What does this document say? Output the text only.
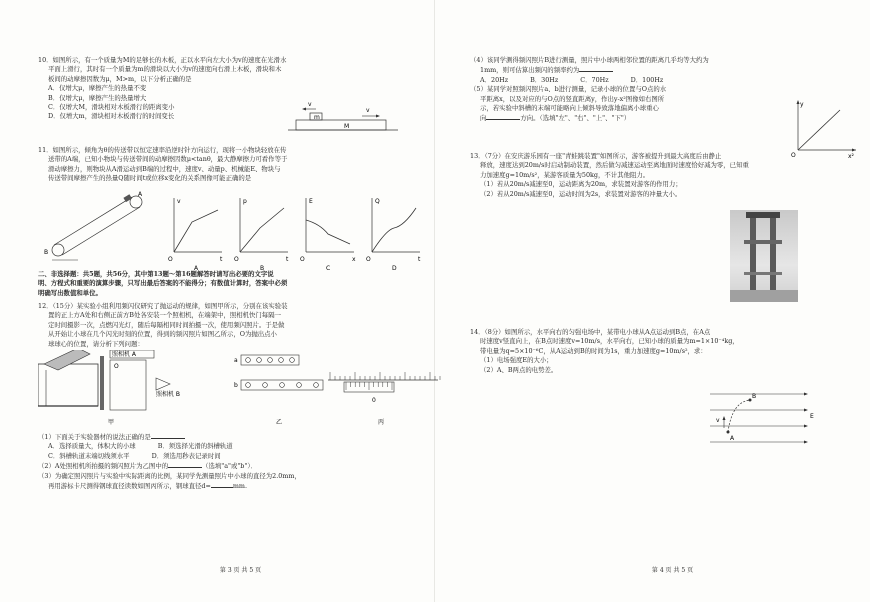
10．如图所示，有一个质量为M的足够长的木板，正以水平向左大小为v的速度在光滑水

平面上滑行，其时有一个质量为m的滑块以大小为v的速度向右滑上木板，滑块和木

板间的动摩擦因数为μ，M>m，以下分析正确的是

A．仅增大μ，摩擦产生的热量不变

B．仅增大μ，摩擦产生的热量增大

C．仅增大M，滑块相对木板滑行的距离变小

D．仅增大m，滑块相对木板滑行的时间变长

v
v
m
M

11．如图所示，倾角为θ的传送带以恒定速率沿逆时针方向运行，现将一小物块轻放在传

送带的A端，已知小物块与传送带间的动摩擦因数μ<tanθ，最大静摩擦力可看作等于

滑动摩擦力，则物块从A滑运动到B端的过程中，速度v、动量p、机械能E、物块与

传送带间摩擦产生的热量Q随时间t或位移x变化的关系图像可能正确的是

B
A
v
t
O
A
p
t
O
B
E
x
O
C
Q
t
O
D

二、非选择题：共5题，共56分，其中第13题～第16题解答时请写出必要的文字说

明、方程式和重要的演算步骤，只写出最后答案的不能得分；有数值计算时，答案中必须

明确写出数值和单位。

12．（15分）某实验小组利用频闪仪研究了抛运动的规律，如图甲所示，分别在该实验装

置的正上方A处和右侧正前方B处各安装一个照相机，在端架中，照相机快门每隔一

定时间摄影一次，点燃闪光灯，随后每隔相同时间拍摄一次，使用频闪照片。于是做

从开始让小球在几个闪光时刻的位置，得到的频闪照片如图乙所示，O为抛出点小

球球心的位置，请分析下列问题：

照相机 A
O
照相机 B
甲
a
b
乙
0
丙

（1）下面关于实验器材的说法正确的是

A．选择质量大，体积大的小球	B．须选择光滑的斜槽轨道
C．斜槽轨道末端切线须水平	D．须选用秒表记录时间

（2）A处照相机所拍摄的频闪照片为乙图中的	（选填"a"或"b"）．

（3）为确定照闪照片与实验中实际距离的比例，某同学先测量照片中小球的直径为2.0mm，

再用游标卡尺测得钢球直径读数如图丙所示，钢球直径d=	mm.

第 3 页 共 5 页

（4）该同学测得频闪照片B进行测量，照片中小球两相邻位置的距离几乎均等大约为

1mm，则可估算出频闪的频率约为

A．20Hz	B．30Hz	C．70Hz	D．100Hz

（5）某同学对照频闪照片a、b进行测量，记录小球的位置与O点的水

平距离x，以及对应的与O点的竖直距离y，作出y-x²图像如右图所

示，若实验中斜槽的末端可能略向上倾斜导致落地偏离小球重心

向	方向。（选填"左"、"右"、"上"、"下"）

y
x²
O

13．（7分）在安庆游乐园有一座"青蛙跳装置"如图所示，游客被提升到最大高度后由静止

释放，速度达到20m/s时启动制动装置，然后做匀减速运动至离地面时速度恰好减为零，已知重

力加速度g=10m/s²，某游客质量为50kg，不计其他阻力。

（1）若从20m/s减速至0，运动距离为20m，求装置对游客的作用力；

（2）若从20m/s减速至0，运动时间为2s，求装置对游客的冲量大小。

14．（8分）如图所示，水平向右的匀强电场中，某带电小球从A点运动到B点，在A点

时速度v竖直向上，在B点时速度v=10m/s，水平向右，已知小球的质量为m=1×10⁻⁴kg，

带电量为q=5×10⁻⁶C，从A运动到B的时间为1s，重力加速度g=10m/s²，求：

（1）电场强度E的大小；

（2）A、B两点的电势差。

E
B
A
v
第 4 页 共 5 页
